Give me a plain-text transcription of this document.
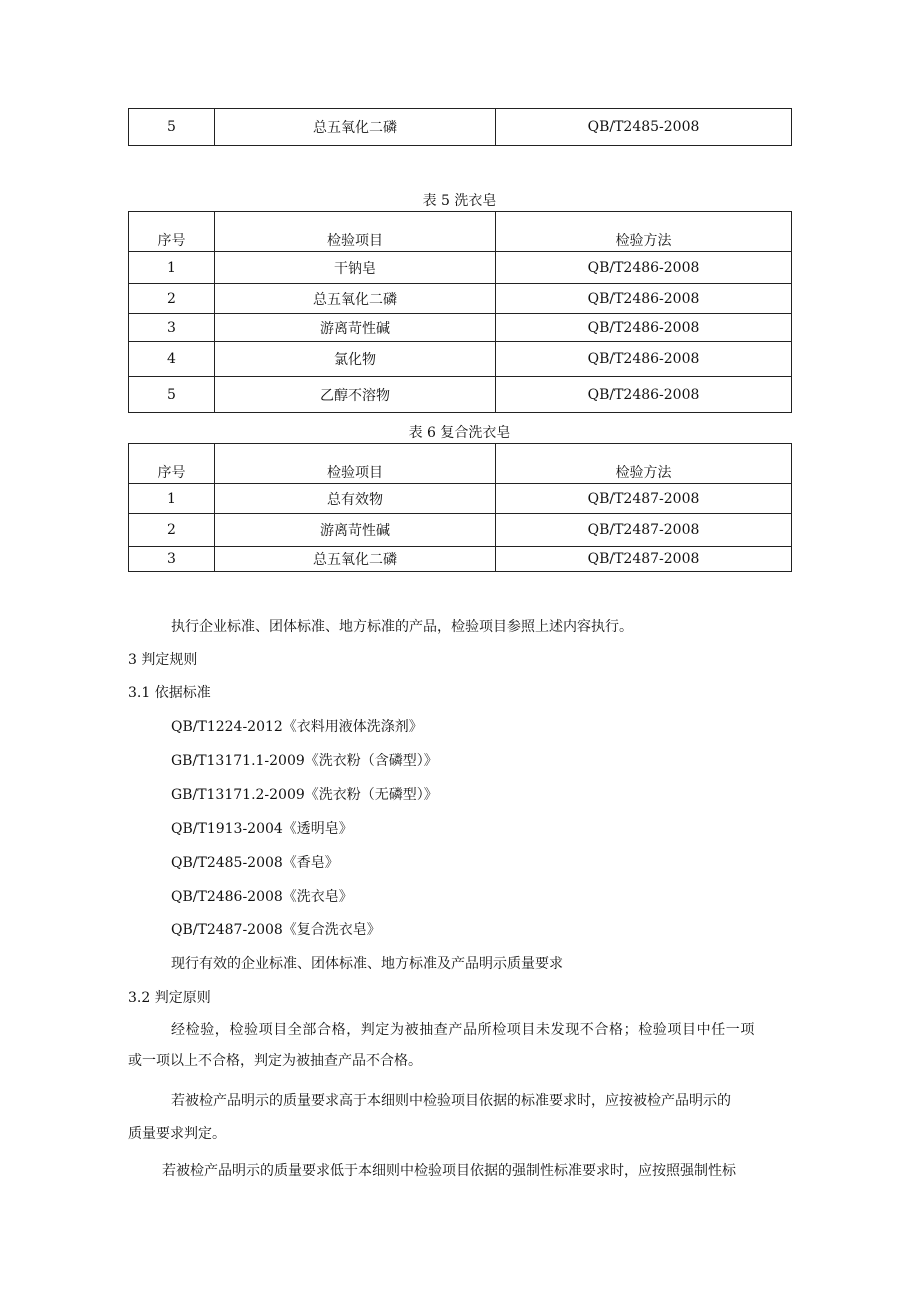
5	总五氧化二磷	QB/T2485-2008
表 5 洗衣皂
序号	检验项目	检验方法
1	干钠皂	QB/T2486-2008
2	总五氧化二磷	QB/T2486-2008
3	游离苛性碱	QB/T2486-2008
4	氯化物	QB/T2486-2008
5	乙醇不溶物	QB/T2486-2008
表 6 复合洗衣皂
序号	检验项目	检验方法
1	总有效物	QB/T2487-2008
2	游离苛性碱	QB/T2487-2008
3	总五氧化二磷	QB/T2487-2008
执行企业标准、团体标准、地方标准的产品，检验项目参照上述内容执行。
3 判定规则
3.1 依据标准
QB/T1224-2012《衣料用液体洗涤剂》
GB/T13171.1-2009《洗衣粉（含磷型）》
GB/T13171.2-2009《洗衣粉（无磷型）》
QB/T1913-2004《透明皂》
QB/T2485-2008《香皂》
QB/T2486-2008《洗衣皂》
QB/T2487-2008《复合洗衣皂》
现行有效的企业标准、团体标准、地方标准及产品明示质量要求
3.2 判定原则
经检验，检验项目全部合格，判定为被抽查产品所检项目未发现不合格；检验项目中任一项
或一项以上不合格，判定为被抽查产品不合格。
若被检产品明示的质量要求高于本细则中检验项目依据的标准要求时，应按被检产品明示的
质量要求判定。
若被检产品明示的质量要求低于本细则中检验项目依据的强制性标准要求时，应按照强制性标
